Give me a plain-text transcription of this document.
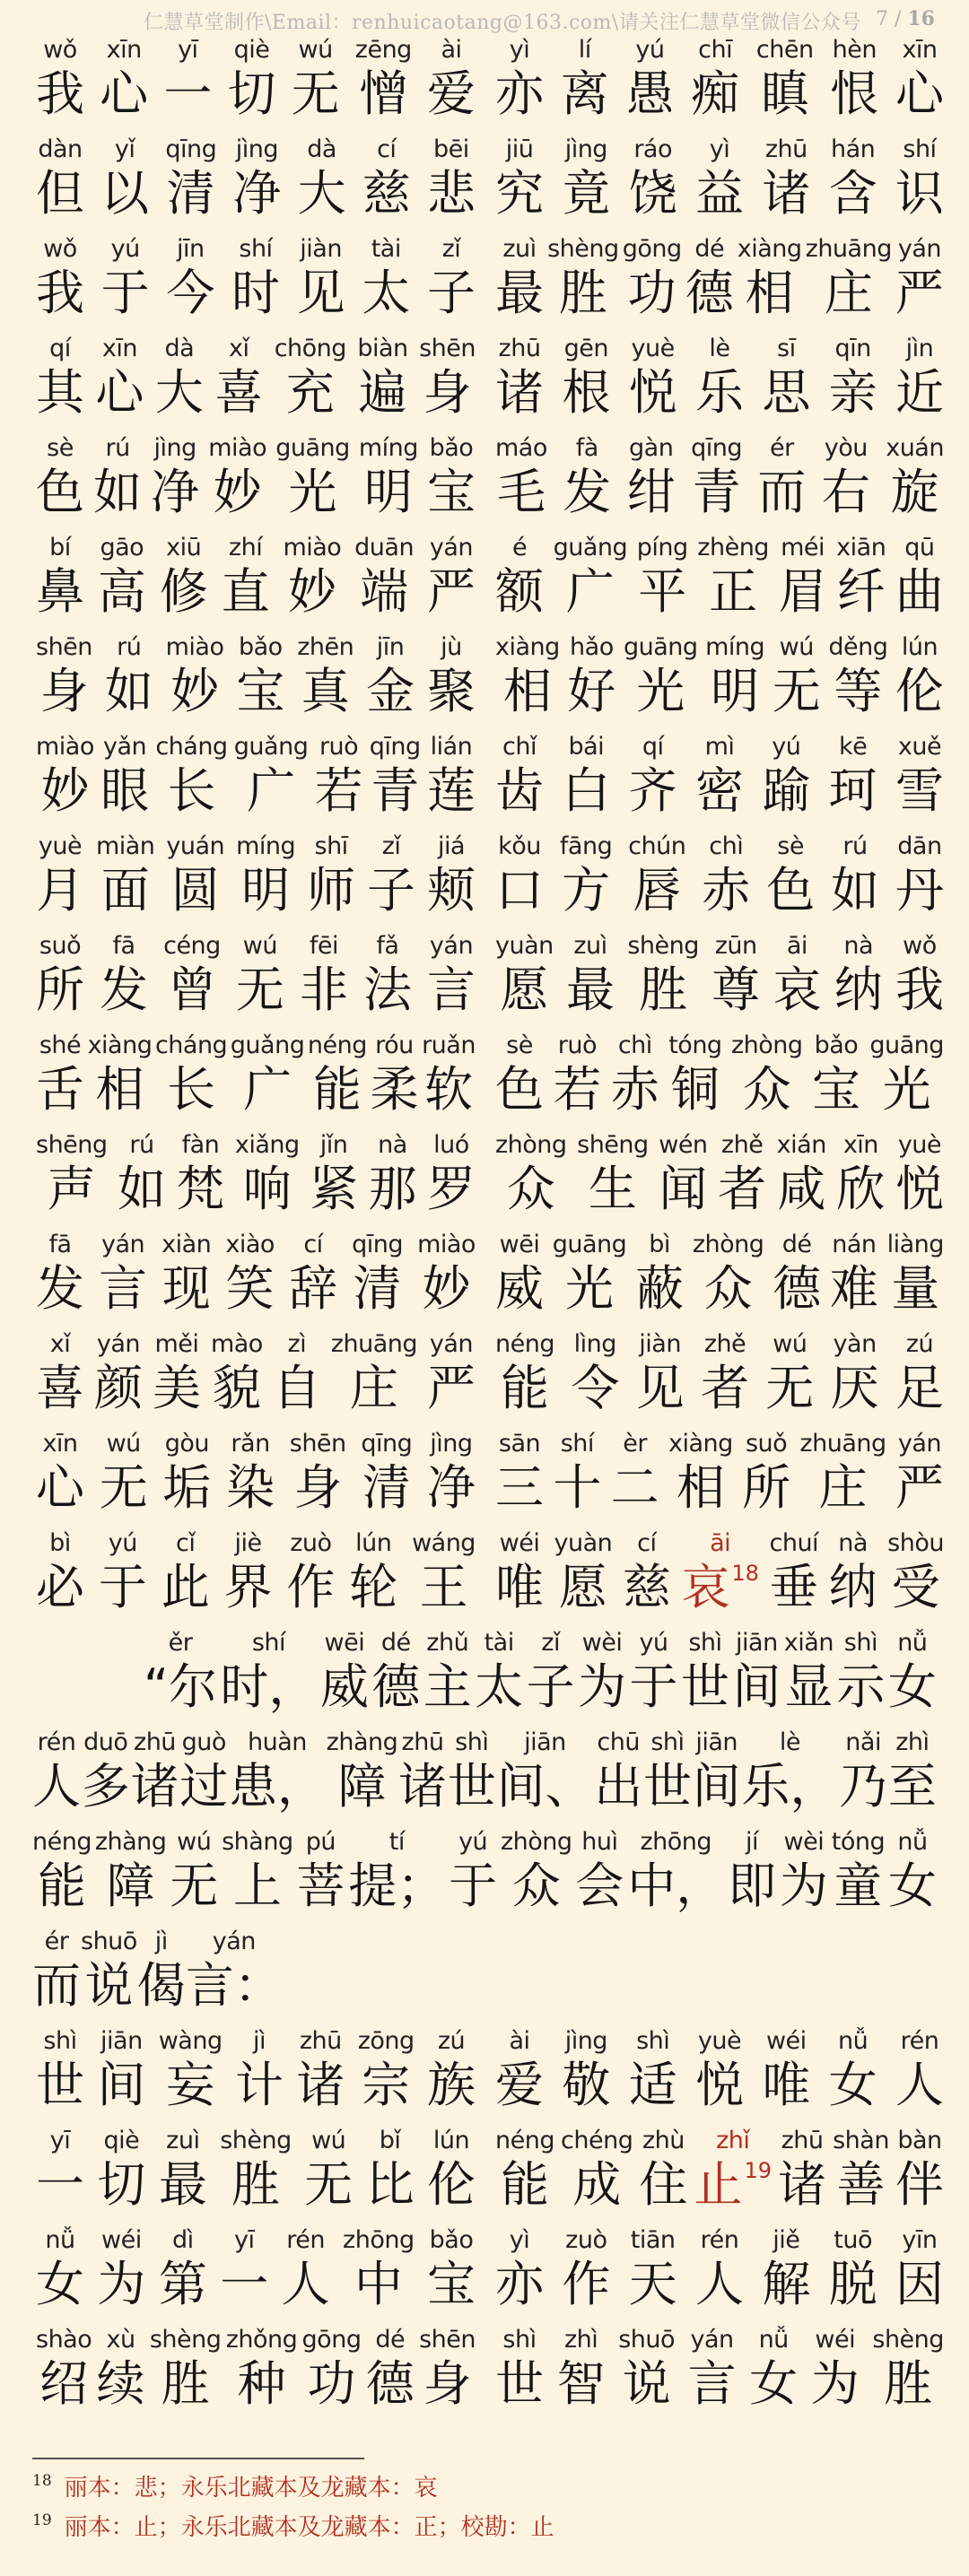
仁慧草堂制作\Email：renhuicaotang@163.com\请关注仁慧草堂微信公众号 7 / 16
wǒ
我
xīn
心
yī
一
qiè
切
wú
无
zēng
憎
ài
爱
yì
亦
lí
离
yú
愚
chī
痴
chēn
瞋
hèn
恨
xīn
心
dàn
但
yǐ
以
qīng
清
jìng
净
dà
大
cí
慈
bēi
悲
jiū
究
jìng
竟
ráo
饶
yì
益
zhū
诸
hán
含
shí
识
wǒ
我
yú
于
jīn
今
shí
时
jiàn
见
tài
太
zǐ
子
zuì
最
shèng
胜
gōng
功
dé
德
xiàng
相
zhuāng
庄
yán
严
qí
其
xīn
心
dà
大
xǐ
喜
chōng
充
biàn
遍
shēn
身
zhū
诸
gēn
根
yuè
悦
lè
乐
sī
思
qīn
亲
jìn
近
sè
色
rú
如
jìng
净
miào
妙
guāng
光
míng
明
bǎo
宝
máo
毛
fà
发
gàn
绀
qīng
青
ér
而
yòu
右
xuán
旋
bí
鼻
gāo
高
xiū
修
zhí
直
miào
妙
duān
端
yán
严
é
额
guǎng
广
píng
平
zhèng
正
méi
眉
xiān
纤
qū
曲
shēn
身
rú
如
miào
妙
bǎo
宝
zhēn
真
jīn
金
jù
聚
xiàng
相
hǎo
好
guāng
光
míng
明
wú
无
děng
等
lún
伦
miào
妙
yǎn
眼
cháng
长
guǎng
广
ruò
若
qīng
青
lián
莲
chǐ
齿
bái
白
qí
齐
mì
密
yú
踰
kē
珂
xuě
雪
yuè
月
miàn
面
yuán
圆
míng
明
shī
师
zǐ
子
jiá
颊
kǒu
口
fāng
方
chún
唇
chì
赤
sè
色
rú
如
dān
丹
suǒ
所
fā
发
céng
曾
wú
无
fēi
非
fǎ
法
yán
言
yuàn
愿
zuì
最
shèng
胜
zūn
尊
āi
哀
nà
纳
wǒ
我
shé
舌
xiàng
相
cháng
长
guǎng
广
néng
能
róu
柔
ruǎn
软
sè
色
ruò
若
chì
赤
tóng
铜
zhòng
众
bǎo
宝
guāng
光
shēng
声
rú
如
fàn
梵
xiǎng
响
jǐn
紧
nà
那
luó
罗
zhòng
众
shēng
生
wén
闻
zhě
者
xián
咸
xīn
欣
yuè
悦
fā
发
yán
言
xiàn
现
xiào
笑
cí
辞
qīng
清
miào
妙
wēi
威
guāng
光
bì
蔽
zhòng
众
dé
德
nán
难
liàng
量
xǐ
喜
yán
颜
měi
美
mào
貌
zì
自
zhuāng
庄
yán
严
néng
能
lìng
令
jiàn
见
zhě
者
wú
无
yàn
厌
zú
足
xīn
心
wú
无
gòu
垢
rǎn
染
shēn
身
qīng
清
jìng
净
sān
三
shí
十
èr
二
xiàng
相
suǒ
所
zhuāng
庄
yán
严
bì
必
yú
于
cǐ
此
jiè
界
zuò
作
lún
轮
wáng
王
wéi
唯
yuàn
愿
cí
慈
āi
哀$^{18}$
chuí
垂
nà
纳
shòu
受
ěr
“尔
shí
时，
wēi
威
dé
德
zhǔ
主
tài
太
zǐ
子
wèi
为
yú
于
shì
世
jiān
间
xiǎn
显
shì
示
nǚ
女
rén
人
duō
多
zhū
诸
guò
过
huàn
患，
zhàng
障
zhū
诸
shì
世
jiān
间、
chū
出
shì
世
jiān
间
lè
乐，
nǎi
乃
zhì
至
néng
能
zhàng
障
wú
无
shàng
上
pú
菩
tí
提；
yú
于
zhòng
众
huì
会
zhōng
中，
jí
即
wèi
为
tóng
童
nǚ
女
ér
而
shuō
说
jì
偈
yán
言：
shì
世
jiān
间
wàng
妄
jì
计
zhū
诸
zōng
宗
zú
族
ài
爱
jìng
敬
shì
适
yuè
悦
wéi
唯
nǚ
女
rén
人
yī
一
qiè
切
zuì
最
shèng
胜
wú
无
bǐ
比
lún
伦
néng
能
chéng
成
zhù
住
zhǐ
止$^{19}$
zhū
诸
shàn
善
bàn
伴
nǚ
女
wéi
为
dì
第
yī
一
rén
人
zhōng
中
bǎo
宝
yì
亦
zuò
作
tiān
天
rén
人
jiě
解
tuō
脱
yīn
因
shào
绍
xù
续
shèng
胜
zhǒng
种
gōng
功
dé
德
shēn
身
shì
世
zhì
智
shuō
说
yán
言
nǚ
女
wéi
为
shèng
胜
$^{18}$ 丽本：悲；永乐北藏本及龙藏本：哀
$^{19}$ 丽本：止；永乐北藏本及龙藏本：正；校勘：止
